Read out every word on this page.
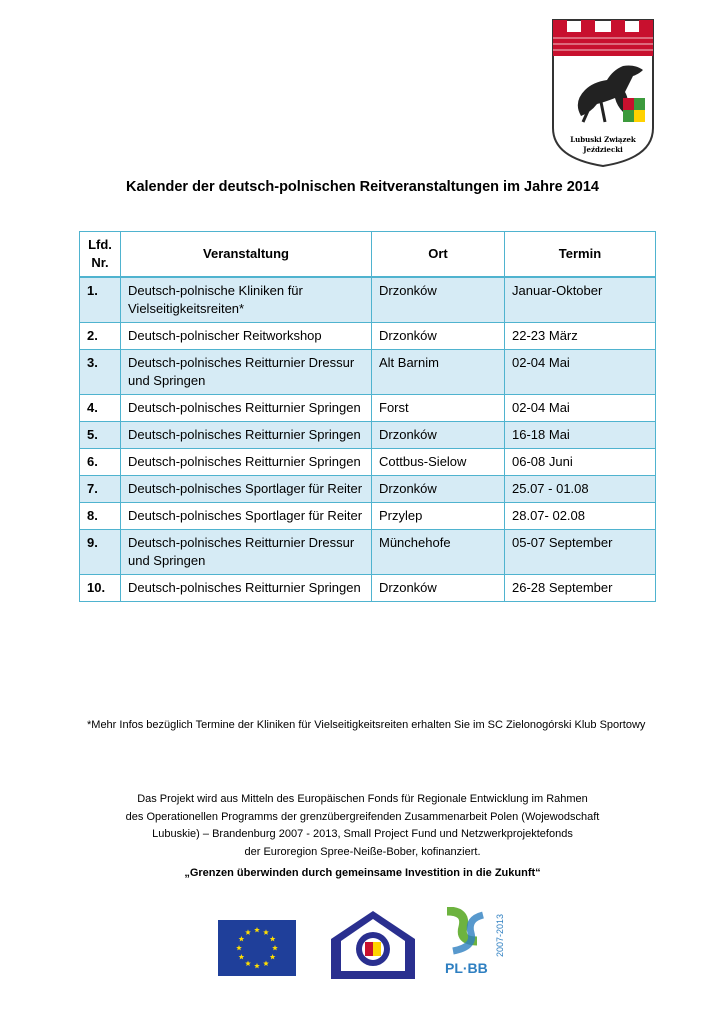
Lubuski Związek
Jeździecki
Kalender der deutsch-polnischen Reitveranstaltungen im Jahre 2014
Lfd.
Nr.	Veranstaltung	Ort	Termin
1.	Deutsch-polnische Kliniken für Vielseitigkeitsreiten*	Drzonków	Januar-Oktober
2.	Deutsch-polnischer Reitworkshop	Drzonków	22-23 März
3.	Deutsch-polnisches Reitturnier Dressur und Springen	Alt Barnim	02-04 Mai
4.	Deutsch-polnisches Reitturnier Springen	Forst	02-04 Mai
5.	Deutsch-polnisches Reitturnier Springen	Drzonków	16-18 Mai
6.	Deutsch-polnisches Reitturnier Springen	Cottbus-Sielow	06-08 Juni
7.	Deutsch-polnisches Sportlager für Reiter	Drzonków	25.07 - 01.08
8.	Deutsch-polnisches Sportlager für Reiter	Przylep	28.07- 02.08
9.	Deutsch-polnisches Reitturnier Dressur und Springen	Münchehofe	05-07 September
10.	Deutsch-polnisches Reitturnier Springen	Drzonków	26-28 September
*Mehr Infos bezüglich Termine der Kliniken für Vielseitigkeitsreiten erhalten Sie im SC Zielonogórski Klub Sportowy
Das Projekt wird aus Mitteln des Europäischen Fonds für Regionale Entwicklung im Rahmen
des Operationellen Programms der grenzübergreifenden Zusammenarbeit Polen (Wojewodschaft
Lubuskie) – Brandenburg 2007 - 2013, Small Project Fund und Netzwerkprojektefonds
der Euroregion Spree-Neiße-Bober, kofinanziert.
„Grenzen überwinden durch gemeinsame Investition in die Zukunft“
PL·BB
2007-2013
